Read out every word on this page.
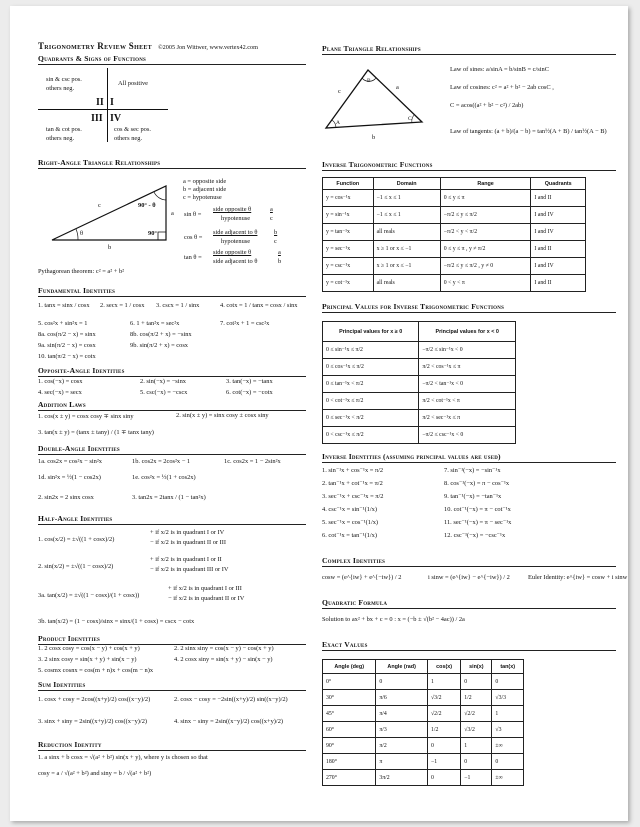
Trigonometry Review Sheet ©2005 Jon Wittwer, www.vertex42.com
Quadrants & Signs of Functions
sin & csc pos.
others neg.
All positive
II I
III IV
tan & cot pos.
others neg.
cos & sec pos.
others neg.
Right-Angle Triangle Relationships
c
a
b
θ
90° - θ
90°
a = opposite side
b = adjacent side
c = hypotenuse
sin θ =
side opposite θ
hypotenuse
a
c
cos θ =
side adjacent to θ
hypotenuse
b
c
tan θ =
side opposite θ
side adjacent to θ
a
b
Pythagorean theorem: c² = a² + b²
Fundamental Identities
1. tanx = sinx / cosx 2. secx = 1 / cosx 3. cscx = 1 / sinx	4. cotx = 1 / tanx = cosx / sinx
5. cos²x + sin²x = 1	6. 1 + tan²x = sec²x	7. cot²x + 1 = csc²x
8a. cos(π/2 − x) = sinx	8b. cos(π/2 + x) = −sinx
9a. sin(π/2 − x) = cosx	9b. sin(π/2 + x) = cosx
10. tan(π/2 − x) = cotx
Opposite-Angle Identities
1. cos(−x) = cosx	2. sin(−x) = −sinx	3. tan(−x) = −tanx
4. sec(−x) = secx	5. csc(−x) = −cscx	6. cot(−x) = −cotx
Addition Laws
1. cos(x ± y) = cosx cosy ∓ sinx siny	2. sin(x ± y) = sinx cosy ± cosx siny
3. tan(x ± y) = (tanx ± tany) / (1 ∓ tanx tany)
Double-Angle Identities
1a. cos2x = cos²x − sin²x	1b. cos2x = 2cos²x − 1	1c. cos2x = 1 − 2sin²x
1d. sin²x = ½(1 − cos2x)	1e. cos²x = ½(1 + cos2x)
2. sin2x = 2 sinx cosx	3. tan2x = 2tanx / (1 − tan²x)
Half-Angle Identities
1. cos(x/2) = ±√((1 + cosx)/2)
+ if x/2 is in quadrant I or IV
− if x/2 is in quadrant II or III
2. sin(x/2) = ±√((1 − cosx)/2)
+ if x/2 is in quadrant I or II
− if x/2 is in quadrant III or IV
3a. tan(x/2) = ±√((1 − cosx)/(1 + cosx))
+ if x/2 is in quadrant I or III
− if x/2 is in quadrant II or IV
3b. tan(x/2) = (1 − cosx)/sinx = sinx/(1 + cosx) = cscx − cotx
Product Identities
1. 2 cosx cosy = cos(x − y) + cos(x + y)	2. 2 sinx siny = cos(x − y) − cos(x + y)
3. 2 sinx cosy = sin(x + y) + sin(x − y)	4. 2 cosx siny = sin(x + y) − sin(x − y)
5. cosmx cosnx = cos(m + n)x + cos(m − n)x
Sum Identities
1. cosx + cosy = 2cos((x+y)/2) cos((x−y)/2)	2. cosx − cosy = −2sin((x+y)/2) sin((x−y)/2)
3. sinx + siny = 2sin((x+y)/2) cos((x−y)/2)	4. sinx − siny = 2sin((x−y)/2) cos((x+y)/2)
Reduction Identity
1. a sinx + b cosx = √(a² + b²) sin(x + y), where y is chosen so that
cosy = a / √(a² + b²) and siny = b / √(a² + b²)
Plane Triangle Relationships
A
B
C
a
b
c
Law of sines: a/sinA = b/sinB = c/sinC
Law of cosines: c² = a² + b² − 2ab cosC ,
C = acos((a² + b² − c²) / 2ab)
Law of tangents: (a + b)/(a − b) = tan½(A + B) / tan½(A − B)
Inverse Trigonometric Functions
Function	Domain	Range	Quadrants
y = cos⁻¹x	−1 ≤ x ≤ 1	0 ≤ y ≤ π	I and II
y = sin⁻¹x	−1 ≤ x ≤ 1	−π/2 ≤ y ≤ π/2	I and IV
y = tan⁻¹x	all reals	−π/2 < y < π/2	I and IV
y = sec⁻¹x	x ≥ 1 or x ≤ −1	0 ≤ y ≤ π , y ≠ π/2	I and II
y = csc⁻¹x	x ≥ 1 or x ≤ −1	−π/2 ≤ y ≤ π/2 , y ≠ 0	I and IV
y = cot⁻¹x	all reals	0 < y < π	I and II
Principal Values for Inverse Trigonometric Functions
Principal values for x ≥ 0	Principal values for x < 0
0 ≤ sin⁻¹x ≤ π/2	−π/2 ≤ sin⁻¹x < 0
0 ≤ cos⁻¹x ≤ π/2	π/2 < cos⁻¹x ≤ π
0 ≤ tan⁻¹x < π/2	−π/2 < tan⁻¹x < 0
0 < cot⁻¹x ≤ π/2	π/2 < cot⁻¹x < π
0 ≤ sec⁻¹x < π/2	π/2 < sec⁻¹x ≤ π
0 < csc⁻¹x ≤ π/2	−π/2 ≤ csc⁻¹x < 0
Inverse Identities (assuming principal values are used)
1. sin⁻¹x + cos⁻¹x = π/2	7. sin⁻¹(−x) = −sin⁻¹x
2. tan⁻¹x + cot⁻¹x = π/2	8. cos⁻¹(−x) = π − cos⁻¹x
3. sec⁻¹x + csc⁻¹x = π/2	9. tan⁻¹(−x) = −tan⁻¹x
4. csc⁻¹x = sin⁻¹(1/x)	10. cot⁻¹(−x) = π − cot⁻¹x
5. sec⁻¹x = cos⁻¹(1/x)	11. sec⁻¹(−x) = π − sec⁻¹x
6. cot⁻¹x = tan⁻¹(1/x)	12. csc⁻¹(−x) = −csc⁻¹x
Complex Identities
cosw = (e^{iw} + e^{−iw}) / 2	i sinw = (e^{iw} − e^{−iw}) / 2	Euler Identity: e^{iw} = cosw + i sinw
Quadratic Formula
Solution to ax² + bx + c = 0 : x = (−b ± √(b² − 4ac)) / 2a
Exact Values
Angle (deg)	Angle (rad)	cos(x)	sin(x)	tan(x)
0°	0	1	0	0
30°	π/6	√3/2	1/2	√3/3
45°	π/4	√2/2	√2/2	1
60°	π/3	1/2	√3/2	√3
90°	π/2	0	1	±∞
180°	π	−1	0	0
270°	3π/2	0	−1	±∞
